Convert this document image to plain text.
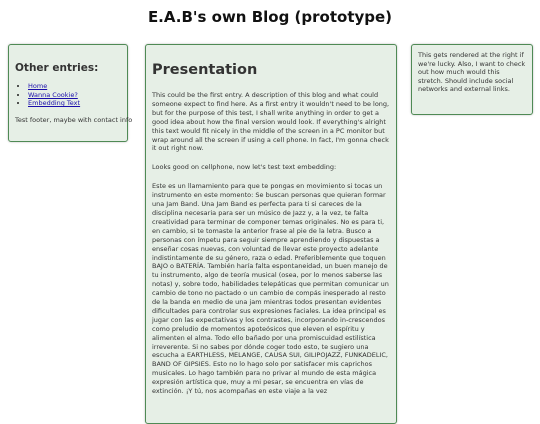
E.A.B's own Blog (prototype)
Other entries:
• Home
• Wanna Cookie?
• Embedding Text
Test footer, maybe with contact info
Presentation

This could be the first entry. A description of this blog and what could someone expect to find here. As a first entry it wouldn't need to be long, but for the purpose of this test, I shall write anything in order to get a good idea about how the final version would look. If everything's alright this text would fit nicely in the middle of the screen in a PC monitor but wrap around all the screen if using a cell phone. In fact, I'm gonna check it out right now.

Looks good on cellphone, now let's test text embedding:

Este es un llamamiento para que te pongas en movimiento si tocas un instrumento en este momento: Se buscan personas que quieran formar una Jam Band. Una Jam Band es perfecta para ti si careces de la disciplina necesaria para ser un músico de Jazz y, a la vez, te falta creatividad para terminar de componer temas originales. No es para ti, en cambio, si te tomaste la anterior frase al pie de la letra. Busco a personas con ímpetu para seguir siempre aprendiendo y dispuestas a enseñar cosas nuevas, con voluntad de llevar este proyecto adelante indistintamente de su género, raza o edad. Preferiblemente que toquen BAJO o BATERÍA. También haría falta espontaneidad, un buen manejo de tu instrumento, algo de teoría musical (osea, por lo menos saberse las notas) y, sobre todo, habilidades telepáticas que permitan comunicar un cambio de tono no pactado o un cambio de compás inesperado al resto de la banda en medio de una jam mientras todos presentan evidentes dificultades para controlar sus expresiones faciales. La idea principal es jugar con las expectativas y los contrastes, incorporando in-crescendos como preludio de momentos apoteósicos que eleven el espíritu y alimenten el alma. Todo ello bañado por una promiscuidad estilística irreverente. Si no sabes por dónde coger todo esto, te sugiero una escucha a EARTHLESS, MELANGE, CAUSA SUI, GILIPOJAZZ, FUNKADELIC, BAND OF GIPSIES. Esto no lo hago solo por satisfacer mis caprichos musicales. Lo hago también para no privar al mundo de esta mágica expresión artística que, muy a mi pesar, se encuentra en vías de extinción. ¡Y tú, nos acompañas en este viaje a la vez

This gets rendered at the right if we're lucky. Also, I want to check out how much would this stretch. Should include social networks and external links.
